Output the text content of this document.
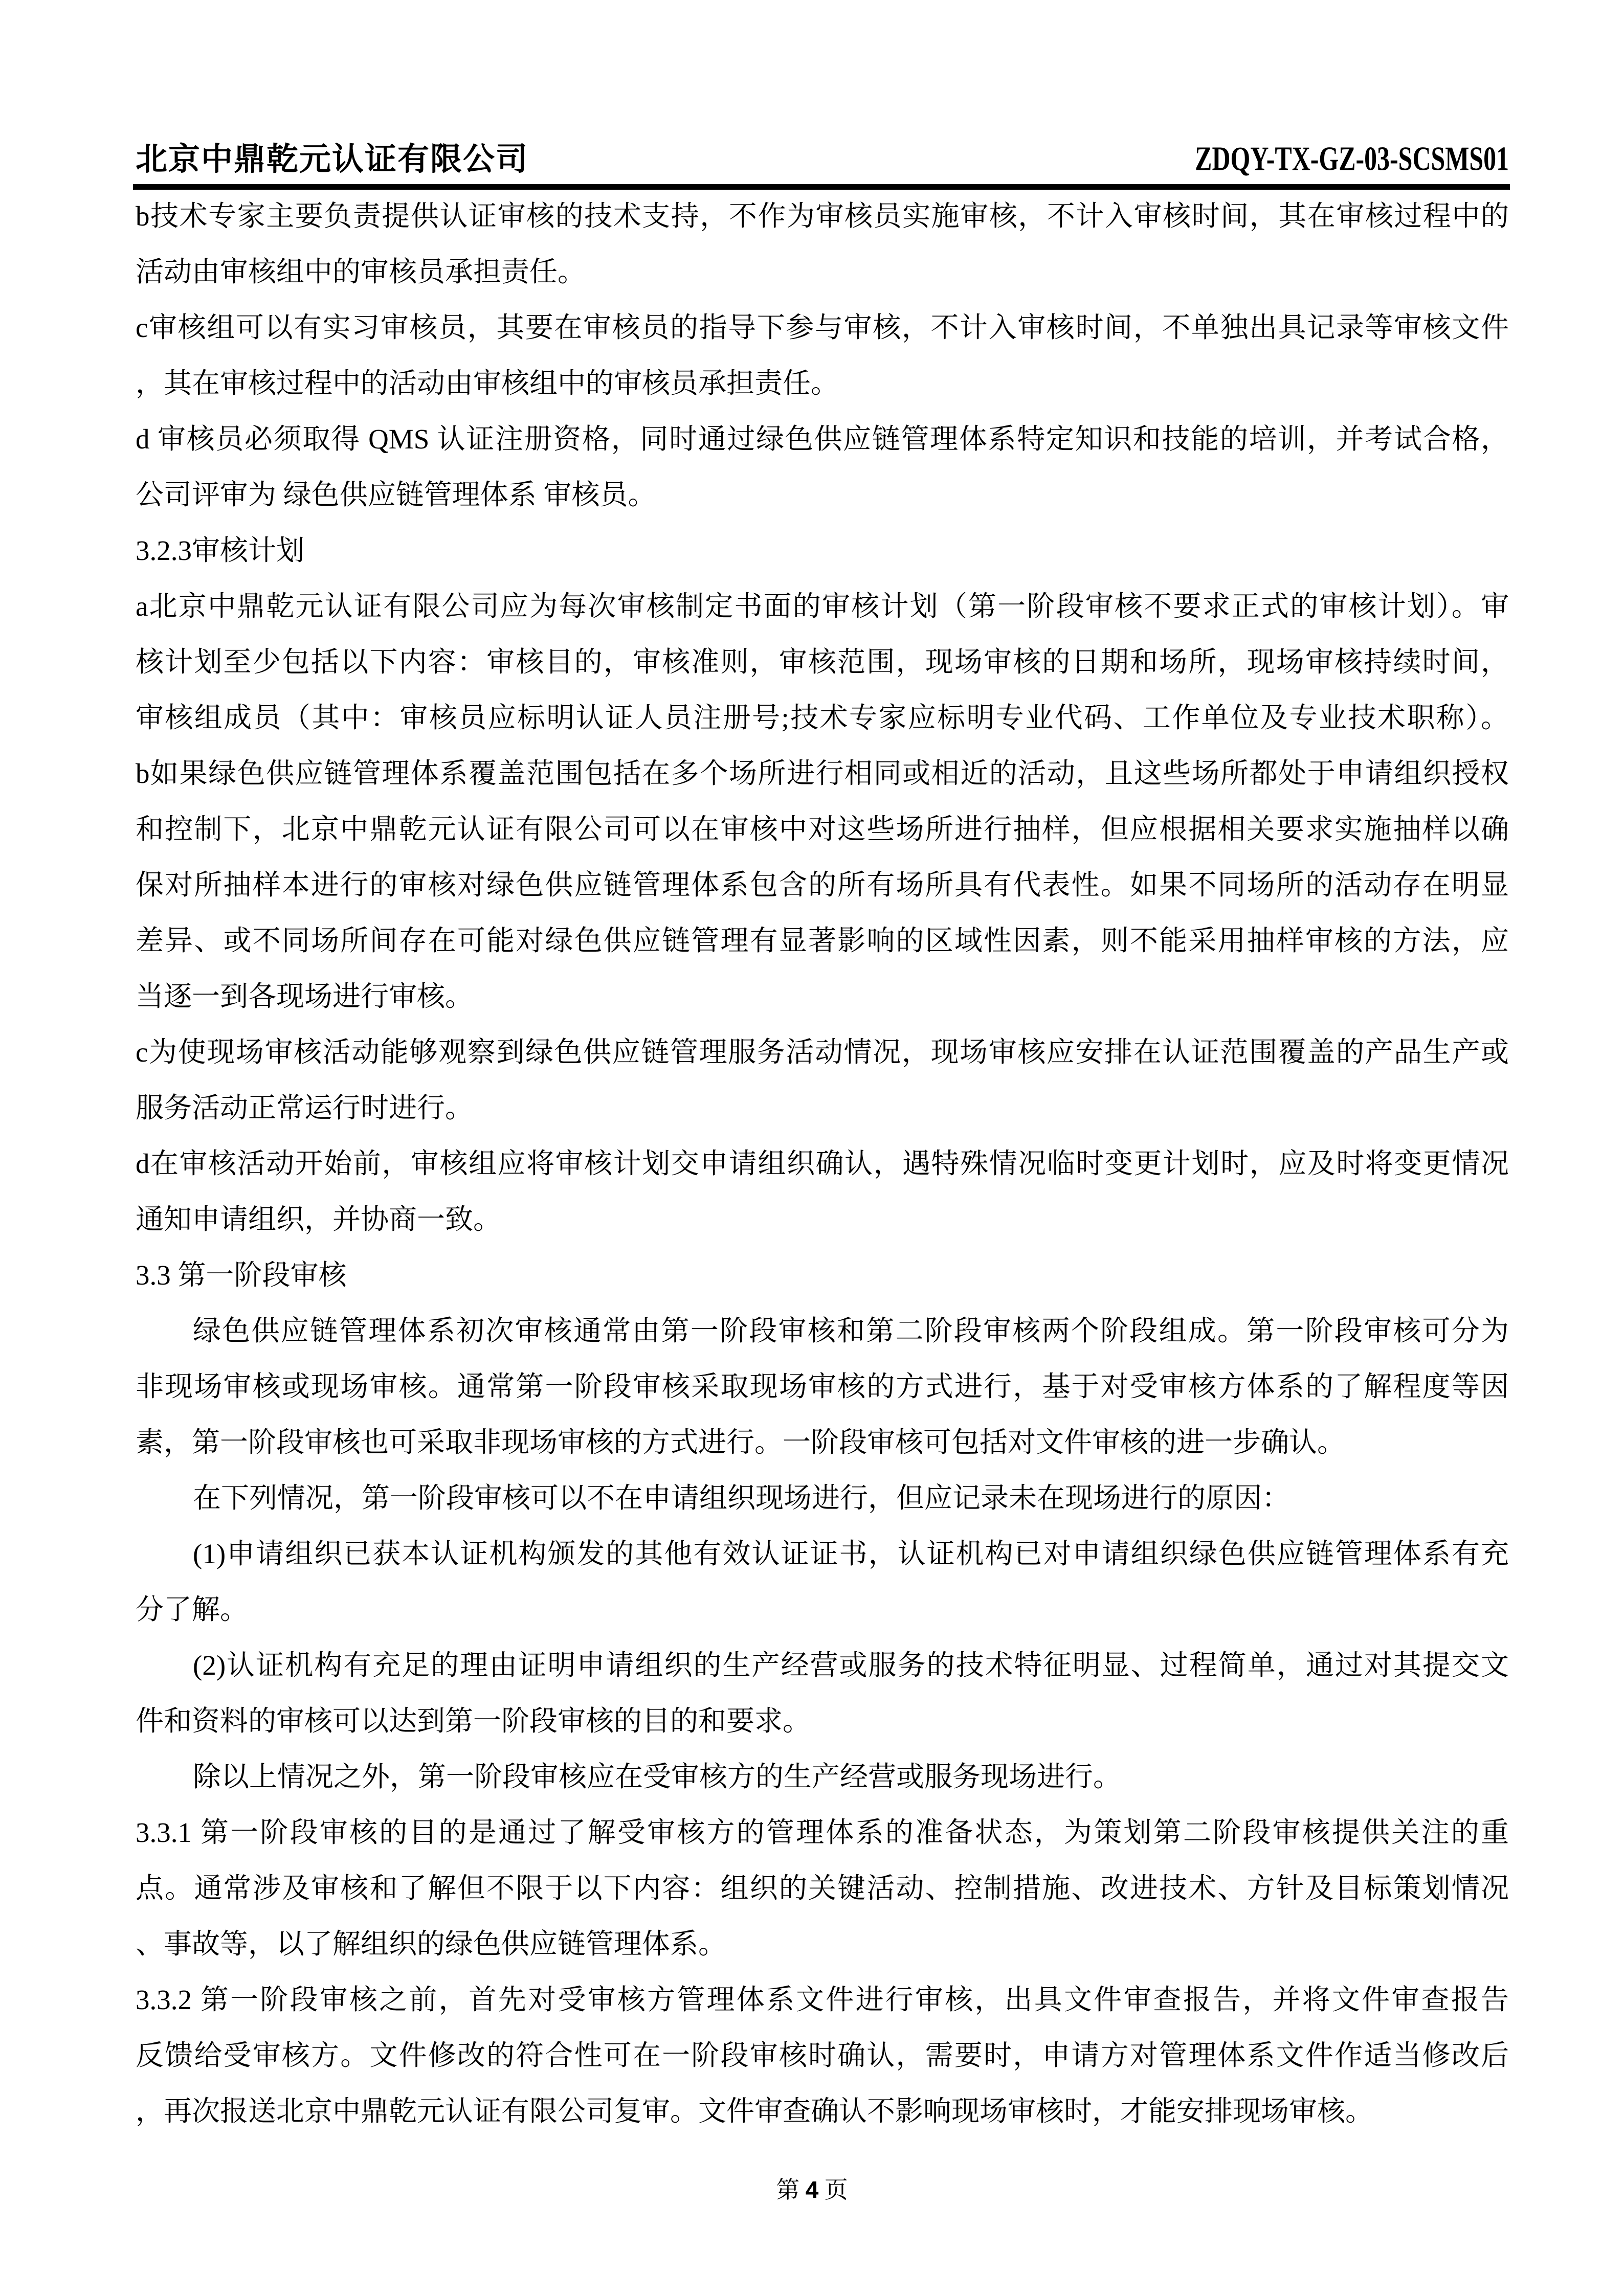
北京中鼎乾元认证有限公司	ZDQY-TX-GZ-03-SCSMS01
b技术专家主要负责提供认证审核的技术支持，不作为审核员实施审核，不计入审核时间，其在审核过程中的
活动由审核组中的审核员承担责任。
c审核组可以有实习审核员，其要在审核员的指导下参与审核，不计入审核时间，不单独出具记录等审核文件
，其在审核过程中的活动由审核组中的审核员承担责任。
d 审核员必须取得 QMS 认证注册资格，同时通过绿色供应链管理体系特定知识和技能的培训，并考试合格，
公司评审为 绿色供应链管理体系 审核员。
3.2.3审核计划
a北京中鼎乾元认证有限公司应为每次审核制定书面的审核计划（第一阶段审核不要求正式的审核计划）。审
核计划至少包括以下内容：审核目的，审核准则，审核范围，现场审核的日期和场所，现场审核持续时间，
审核组成员（其中：审核员应标明认证人员注册号;技术专家应标明专业代码、工作单位及专业技术职称）。
b如果绿色供应链管理体系覆盖范围包括在多个场所进行相同或相近的活动，且这些场所都处于申请组织授权
和控制下，北京中鼎乾元认证有限公司可以在审核中对这些场所进行抽样，但应根据相关要求实施抽样以确
保对所抽样本进行的审核对绿色供应链管理体系包含的所有场所具有代表性。如果不同场所的活动存在明显
差异、或不同场所间存在可能对绿色供应链管理有显著影响的区域性因素，则不能采用抽样审核的方法，应
当逐一到各现场进行审核。
c为使现场审核活动能够观察到绿色供应链管理服务活动情况，现场审核应安排在认证范围覆盖的产品生产或
服务活动正常运行时进行。
d在审核活动开始前，审核组应将审核计划交申请组织确认，遇特殊情况临时变更计划时，应及时将变更情况
通知申请组织，并协商一致。
3.3 第一阶段审核
绿色供应链管理体系初次审核通常由第一阶段审核和第二阶段审核两个阶段组成。第一阶段审核可分为
非现场审核或现场审核。通常第一阶段审核采取现场审核的方式进行，基于对受审核方体系的了解程度等因
素，第一阶段审核也可采取非现场审核的方式进行。一阶段审核可包括对文件审核的进一步确认。
在下列情况，第一阶段审核可以不在申请组织现场进行，但应记录未在现场进行的原因：
(1)申请组织已获本认证机构颁发的其他有效认证证书，认证机构已对申请组织绿色供应链管理体系有充
分了解。
(2)认证机构有充足的理由证明申请组织的生产经营或服务的技术特征明显、过程简单，通过对其提交文
件和资料的审核可以达到第一阶段审核的目的和要求。
除以上情况之外，第一阶段审核应在受审核方的生产经营或服务现场进行。
3.3.1 第一阶段审核的目的是通过了解受审核方的管理体系的准备状态，为策划第二阶段审核提供关注的重
点。通常涉及审核和了解但不限于以下内容：组织的关键活动、控制措施、改进技术、方针及目标策划情况
、事故等，以了解组织的绿色供应链管理体系。
3.3.2 第一阶段审核之前，首先对受审核方管理体系文件进行审核，出具文件审查报告，并将文件审查报告
反馈给受审核方。文件修改的符合性可在一阶段审核时确认，需要时，申请方对管理体系文件作适当修改后
，再次报送北京中鼎乾元认证有限公司复审。文件审查确认不影响现场审核时，才能安排现场审核。
第 4 页
